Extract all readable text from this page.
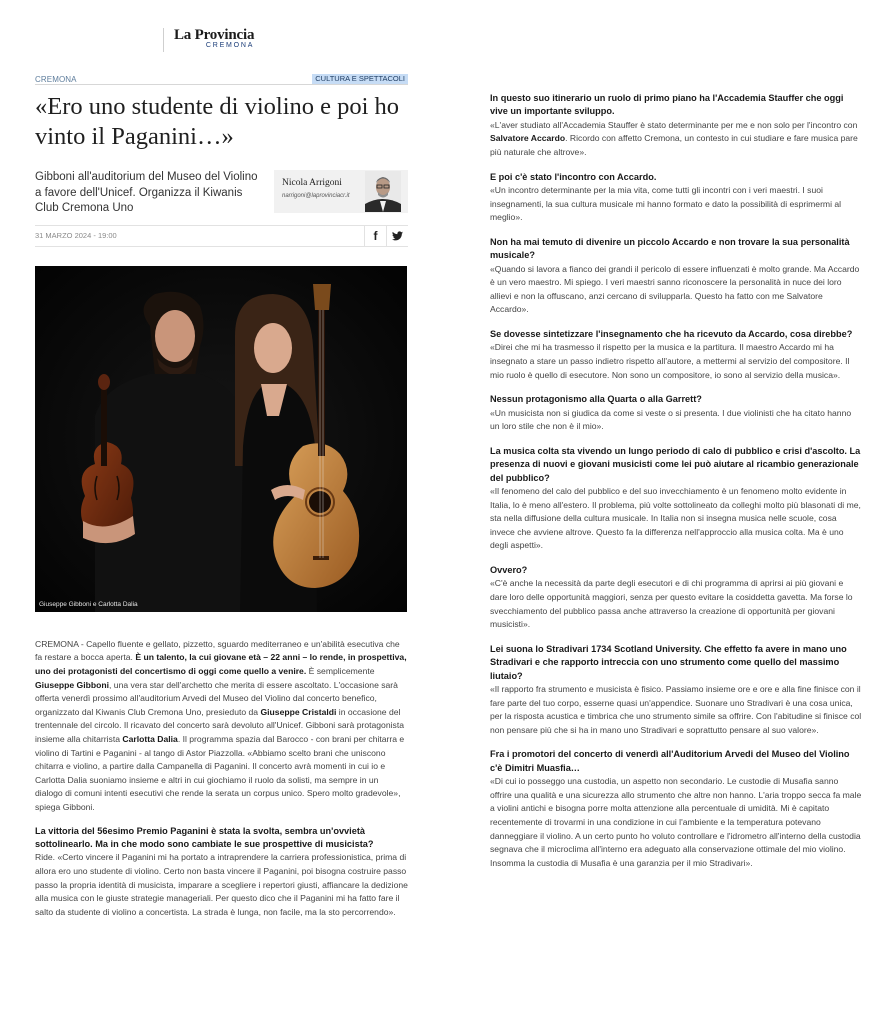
La Provincia
CREMONA
CREMONA	CULTURA E SPETTACOLI
«Ero uno studente di violino e poi ho vinto il Paganini…»
Gibboni all'auditorium del Museo del Violino a favore dell'Unicef. Organizza il Kiwanis Club Cremona Uno
Nicola Arrigoni
narrigoni@laprovinciacr.it
31 MARZO 2024 - 19:00	f
Giuseppe Gibboni e Carlotta Dalia

CREMONA - Capello fluente e gellato, pizzetto, sguardo mediterraneo e un'abilità esecutiva che fa restare a bocca aperta. È un talento, la cui giovane età – 22 anni – lo rende, in prospettiva, uno dei protagonisti del concertismo di oggi come quello a venire. È semplicemente Giuseppe Gibboni, una vera star dell'archetto che merita di essere ascoltato. L'occasione sarà offerta venerdì prossimo all'auditorium Arvedi del Museo del Violino dal concerto benefico, organizzato dal Kiwanis Club Cremona Uno, presieduto da Giuseppe Cristaldi in occasione del trentennale del circolo. Il ricavato del concerto sarà devoluto all'Unicef. Gibboni sarà protagonista insieme alla chitarrista Carlotta Dalia. Il programma spazia dal Barocco - con brani per chitarra e violino di Tartini e Paganini - al tango di Astor Piazzolla. «Abbiamo scelto brani che uniscono chitarra e violino, a partire dalla Campanella di Paganini. Il concerto avrà momenti in cui io e Carlotta Dalia suoniamo insieme e altri in cui giochiamo il ruolo da solisti, ma sempre in un dialogo di comuni intenti esecutivi che rende la serata un corpus unico. Spero molto gradevole», spiega Gibboni.

La vittoria del 56esimo Premio Paganini è stata la svolta, sembra un'ovvietà sottolinearlo. Ma in che modo sono cambiate le sue prospettive di musicista?

Ride. «Certo vincere il Paganini mi ha portato a intraprendere la carriera professionistica, prima di allora ero uno studente di violino. Certo non basta vincere il Paganini, poi bisogna costruire passo passo la propria identità di musicista, imparare a scegliere i repertori giusti, affiancare la dedizione alla musica con le giuste strategie manageriali. Per questo dico che il Paganini mi ha fatto fare il salto da studente di violino a concertista. La strada è lunga, non facile, ma la sto percorrendo».

In questo suo itinerario un ruolo di primo piano ha l'Accademia Stauffer che oggi vive un importante sviluppo.
«L'aver studiato all'Accademia Stauffer è stato determinante per me e non solo per l'incontro con Salvatore Accardo. Ricordo con affetto Cremona, un contesto in cui studiare e fare musica pare più naturale che altrove».
E poi c'è stato l'incontro con Accardo.
«Un incontro determinante per la mia vita, come tutti gli incontri con i veri maestri. I suoi insegnamenti, la sua cultura musicale mi hanno formato e dato la possibilità di esprimermi al meglio».
Non ha mai temuto di divenire un piccolo Accardo e non trovare la sua personalità musicale?
«Quando si lavora a fianco dei grandi il pericolo di essere influenzati è molto grande. Ma Accardo è un vero maestro. Mi spiego. I veri maestri sanno riconoscere la personalità in nuce dei loro allievi e non la offuscano, anzi cercano di svilupparla. Questo ha fatto con me Salvatore Accardo».
Se dovesse sintetizzare l'insegnamento che ha ricevuto da Accardo, cosa direbbe?
«Direi che mi ha trasmesso il rispetto per la musica e la partitura. Il maestro Accardo mi ha insegnato a stare un passo indietro rispetto all'autore, a mettermi al servizio del compositore. Il mio ruolo è quello di esecutore. Non sono un compositore, io sono al servizio della musica».
Nessun protagonismo alla Quarta o alla Garrett?
«Un musicista non si giudica da come si veste o si presenta. I due violinisti che ha citato hanno un loro stile che non è il mio».
La musica colta sta vivendo un lungo periodo di calo di pubblico e crisi d'ascolto. La presenza di nuovi e giovani musicisti come lei può aiutare al ricambio generazionale del pubblico?
«Il fenomeno del calo del pubblico e del suo invecchiamento è un fenomeno molto evidente in Italia, lo è meno all'estero. Il problema, più volte sottolineato da colleghi molto più blasonati di me, sta nella diffusione della cultura musicale. In Italia non si insegna musica nelle scuole, cosa invece che avviene altrove. Questo fa la differenza nell'approccio alla musica colta. Ma è uno degli aspetti».
Ovvero?
«C'è anche la necessità da parte degli esecutori e di chi programma di aprirsi ai più giovani e dare loro delle opportunità maggiori, senza per questo evitare la cosiddetta gavetta. Ma forse lo svecchiamento del pubblico passa anche attraverso la creazione di opportunità per giovani musicisti».
Lei suona lo Stradivari 1734 Scotland University. Che effetto fa avere in mano uno Stradivari e che rapporto intreccia con uno strumento come quello del massimo liutaio?
«Il rapporto fra strumento e musicista è fisico. Passiamo insieme ore e ore e alla fine finisce con il fare parte del tuo corpo, esserne quasi un'appendice. Suonare uno Stradivari è una cosa unica, per la risposta acustica e timbrica che uno strumento simile sa offrire. Con l'abitudine si finisce col non pensare più che si ha in mano uno Stradivari e soprattutto pensare al suo valore».
Fra i promotori del concerto di venerdì all'Auditorium Arvedi del Museo del Violino c'è Dimitri Muasfia…
«Di cui io posseggo una custodia, un aspetto non secondario. Le custodie di Musafia sanno offrire una qualità e una sicurezza allo strumento che altre non hanno. L'aria troppo secca fa male a violini antichi e bisogna porre molta attenzione alla percentuale di umidità. Mi è capitato recentemente di trovarmi in una condizione in cui l'ambiente e la temperatura potevano danneggiare il violino. A un certo punto ho voluto controllare e l'idrometro all'interno della custodia segnava che il microclima all'interno era adeguato alla conservazione ottimale del mio violino. Insomma la custodia di Musafia è una garanzia per il mio Stradivari».
